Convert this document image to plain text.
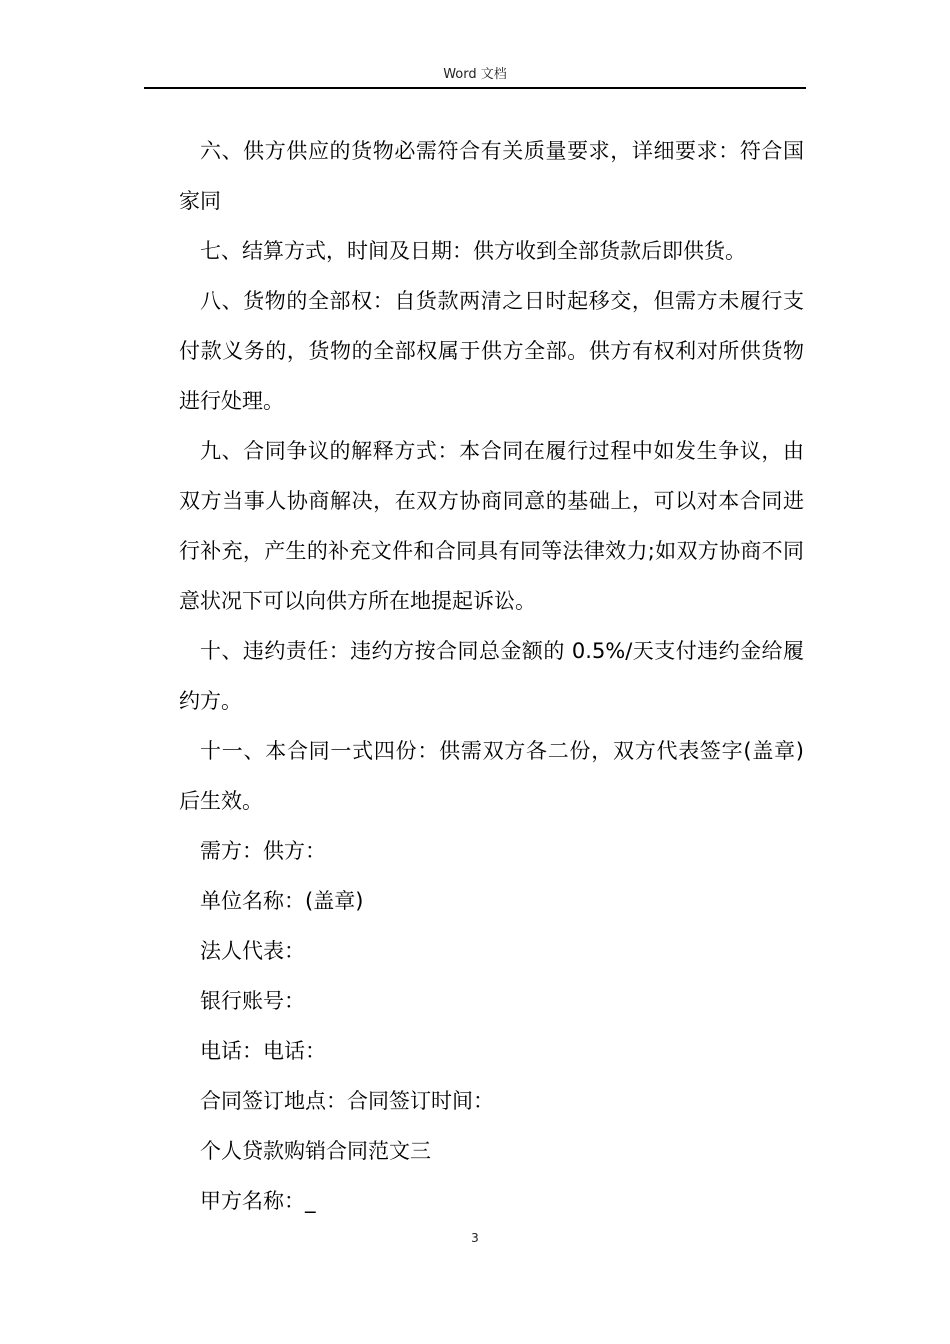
Word 文档

六、供方供应的货物必需符合有关质量要求，详细要求：符合国家同

七、结算方式，时间及日期：供方收到全部货款后即供货。

八、货物的全部权：自货款两清之日时起移交，但需方未履行支付款义务的，货物的全部权属于供方全部。供方有权利对所供货物进行处理。

九、合同争议的解释方式：本合同在履行过程中如发生争议，由双方当事人协商解决，在双方协商同意的基础上，可以对本合同进行补充，产生的补充文件和合同具有同等法律效力;如双方协商不同意状况下可以向供方所在地提起诉讼。

十、违约责任：违约方按合同总金额的 0.5%/天支付违约金给履约方。

十一、本合同一式四份：供需双方各二份，双方代表签字(盖章)后生效。

需方：供方：

单位名称：(盖章)

法人代表：

银行账号：

电话：电话：

合同签订地点：合同签订时间：

个人贷款购销合同范文三

甲方名称：_

3
